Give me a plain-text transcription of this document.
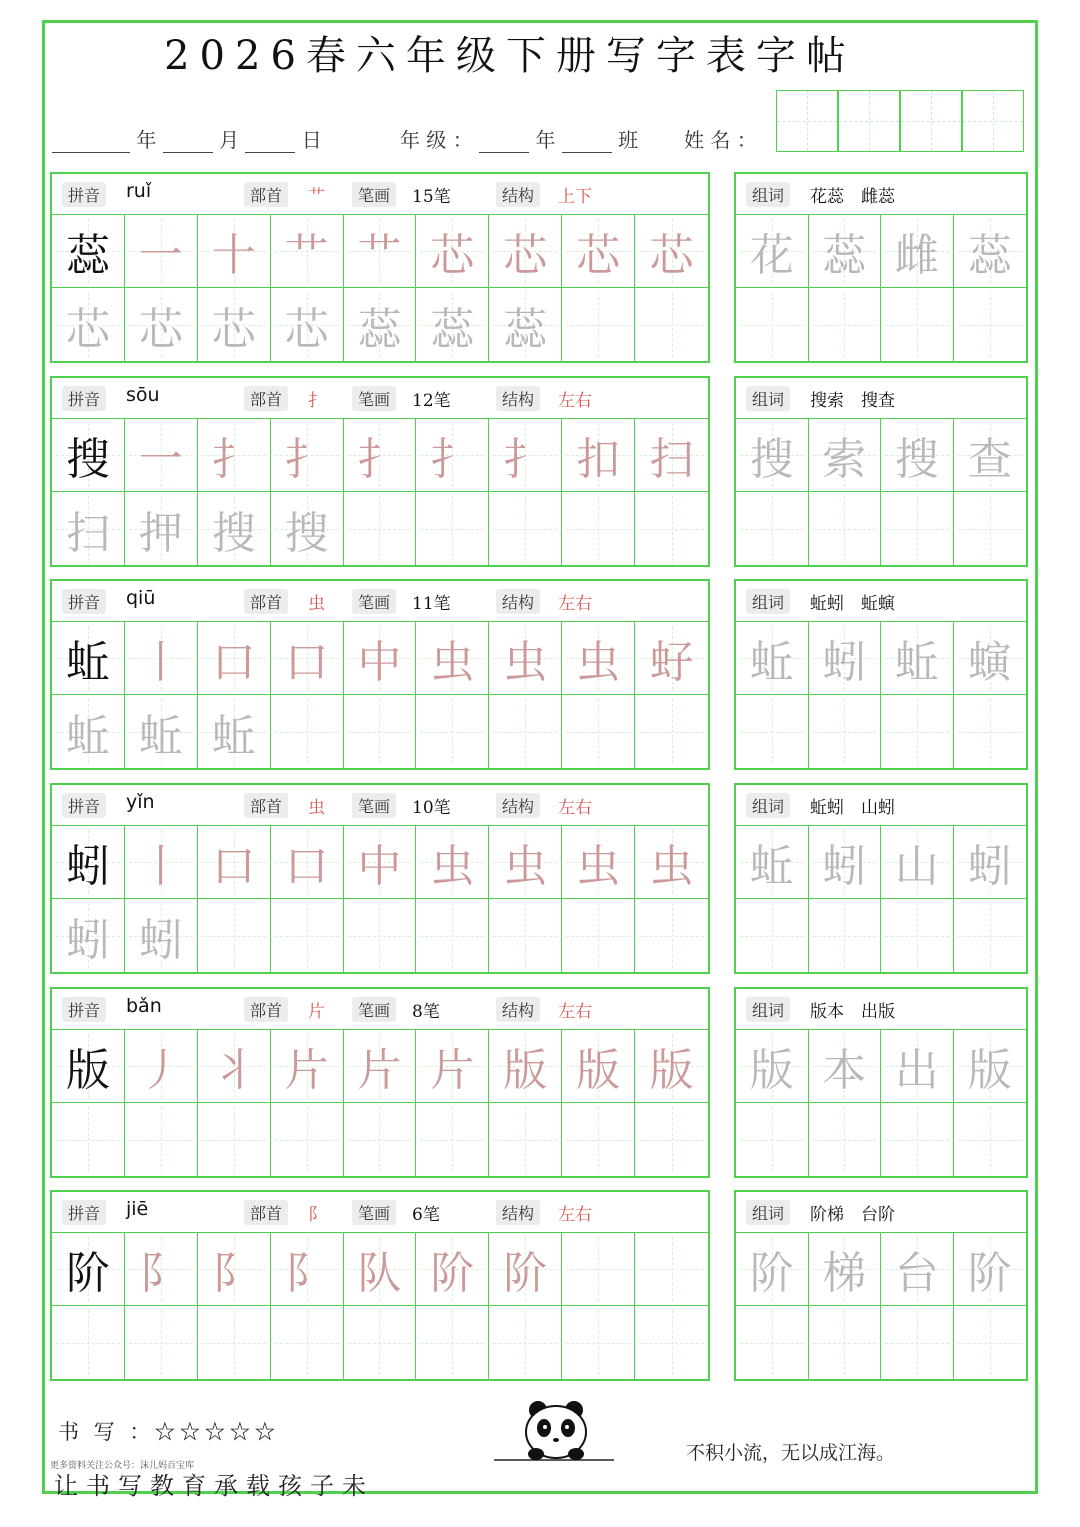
2026春六年级下册写字表字帖
年	月	日	年 级 ：	年	班 姓 名 ：
拼音	ruǐ	部首	艹	笔画	15笔	结构	上下
蕊 一 十 艹 艹 芯 芯 芯 芯
芯 芯 芯 芯 蕊 蕊 蕊
组词	花蕊　雌蕊
花 蕊 雌 蕊
拼音	sōu	部首	扌	笔画	12笔	结构	左右
搜 一 扌 扌 扌 扌 扌 扣 扫
扫 押 搜 搜
组词	搜索　搜查
搜 索 搜 查
拼音	qiū	部首	虫	笔画	11笔	结构	左右
蚯 丨 口 口 中 虫 虫 虫 虸
蚯 蚯 蚯
组词	蚯蚓　蚯螾
蚯 蚓 蚯 螾
拼音	yǐn	部首	虫	笔画	10笔	结构	左右
蚓 丨 口 口 中 虫 虫 虫 虫
蚓 蚓
组词	蚯蚓　山蚓
蚯 蚓 山 蚓
拼音	bǎn	部首	片	笔画	8笔	结构	左右
版 丿 丬 片 片 片 版 版 版
组词	版本　出版
版 本 出 版
拼音	jiē	部首	阝	笔画	6笔	结构	左右
阶 阝 阝 阝 队 阶 阶
组词	阶梯　台阶
阶 梯 台 阶
书 写 ：☆☆☆☆☆
更多资料关注公众号：沫儿妈百宝库
让书写教育承载孩子未
不积小流，无以成江海。
